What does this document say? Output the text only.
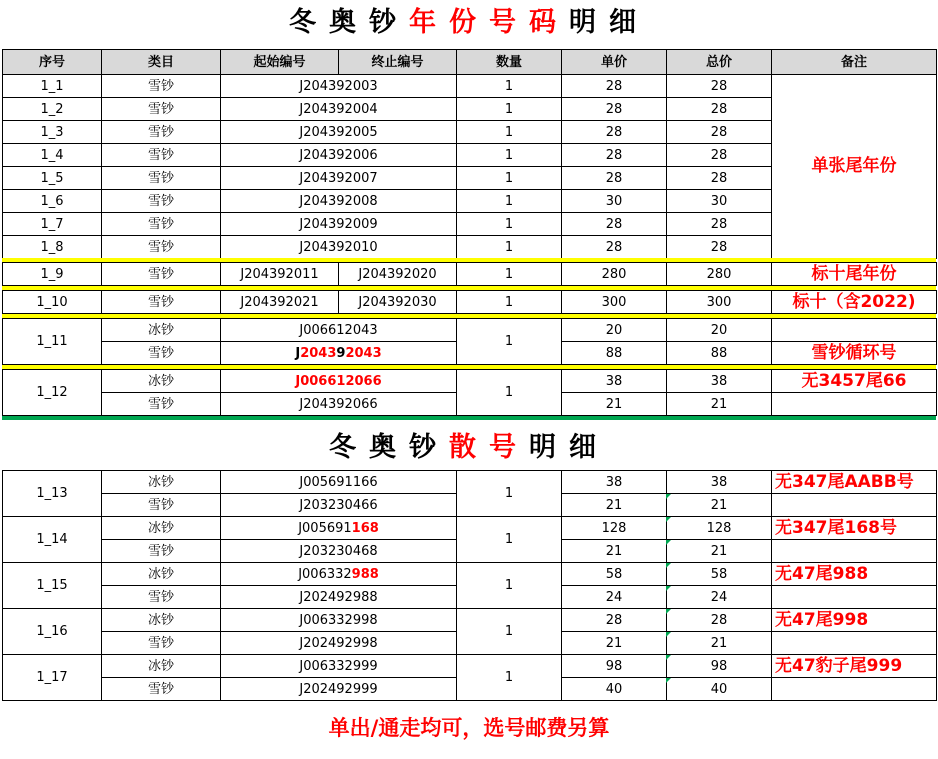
冬奥钞年份号码明细
序号	类目	起始编号	终止编号	数量	单价	总价	备注
1_1	雪钞	J204392003		1	28	28	单张尾年份
1_2	雪钞	J204392004		1	28	28	
1_3	雪钞	J204392005		1	28	28	
1_4	雪钞	J204392006		1	28	28	
1_5	雪钞	J204392007		1	28	28	
1_6	雪钞	J204392008		1	30	30	
1_7	雪钞	J204392009		1	28	28	
1_8	雪钞	J204392010		1	28	28	
1_9	雪钞	J204392011	J204392020	1	280	280	标十尾年份
1_10	雪钞	J204392021	J204392030	1	300	300	标十（含2022)
1_11	冰钞	J006612043	1	20	20	
	雪钞	J204392043		88	88	雪钞循环号
1_12	冰钞	J006612066	1	38	38	无3457尾66
	雪钞	J204392066		21	21	
冬奥钞散号明细
1_13	冰钞	J005691166	1	38	38	无347尾AABB号
	雪钞	J203230466		21	21	
1_14	冰钞	J005691168	1	128	128	无347尾168号
	雪钞	J203230468		21	21	
1_15	冰钞	J006332988	1	58	58	无47尾988
	雪钞	J202492988		24	24	
1_16	冰钞	J006332998	1	28	28	无47尾998
	雪钞	J202492998		21	21	
1_17	冰钞	J006332999	1	98	98	无47豹子尾999
	雪钞	J202492999		40	40	
单出/通走均可，选号邮费另算
